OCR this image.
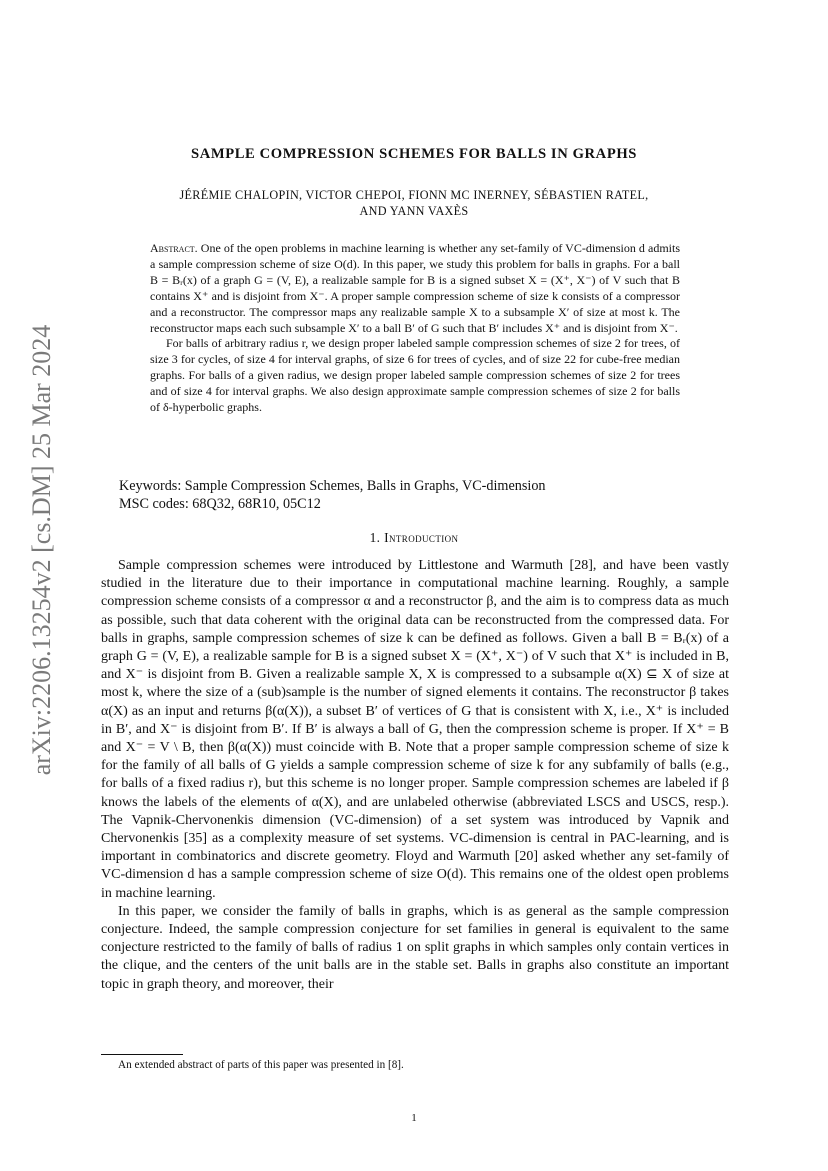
arXiv:2206.13254v2 [cs.DM] 25 Mar 2024
SAMPLE COMPRESSION SCHEMES FOR BALLS IN GRAPHS
JÉRÉMIE CHALOPIN, VICTOR CHEPOI, FIONN MC INERNEY, SÉBASTIEN RATEL,
AND YANN VAXÈS

Abstract. One of the open problems in machine learning is whether any set-family of VC-dimension d admits a sample compression scheme of size O(d). In this paper, we study this problem for balls in graphs. For a ball B = Bᵣ(x) of a graph G = (V, E), a realizable sample for B is a signed subset X = (X⁺, X⁻) of V such that B contains X⁺ and is disjoint from X⁻. A proper sample compression scheme of size k consists of a compressor and a reconstructor. The compressor maps any realizable sample X to a subsample X′ of size at most k. The reconstructor maps each such subsample X′ to a ball B′ of G such that B′ includes X⁺ and is disjoint from X⁻.

For balls of arbitrary radius r, we design proper labeled sample compression schemes of size 2 for trees, of size 3 for cycles, of size 4 for interval graphs, of size 6 for trees of cycles, and of size 22 for cube-free median graphs. For balls of a given radius, we design proper labeled sample compression schemes of size 2 for trees and of size 4 for interval graphs. We also design approximate sample compression schemes of size 2 for balls of δ-hyperbolic graphs.

Keywords: Sample Compression Schemes, Balls in Graphs, VC-dimension
MSC codes: 68Q32, 68R10, 05C12
1. Introduction

Sample compression schemes were introduced by Littlestone and Warmuth [28], and have been vastly studied in the literature due to their importance in computational machine learning. Roughly, a sample compression scheme consists of a compressor α and a reconstructor β, and the aim is to compress data as much as possible, such that data coherent with the original data can be reconstructed from the compressed data. For balls in graphs, sample compression schemes of size k can be defined as follows. Given a ball B = Bᵣ(x) of a graph G = (V, E), a realizable sample for B is a signed subset X = (X⁺, X⁻) of V such that X⁺ is included in B, and X⁻ is disjoint from B. Given a realizable sample X, X is compressed to a subsample α(X) ⊆ X of size at most k, where the size of a (sub)sample is the number of signed elements it contains. The reconstructor β takes α(X) as an input and returns β(α(X)), a subset B′ of vertices of G that is consistent with X, i.e., X⁺ is included in B′, and X⁻ is disjoint from B′. If B′ is always a ball of G, then the compression scheme is proper. If X⁺ = B and X⁻ = V \ B, then β(α(X)) must coincide with B. Note that a proper sample compression scheme of size k for the family of all balls of G yields a sample compression scheme of size k for any subfamily of balls (e.g., for balls of a fixed radius r), but this scheme is no longer proper. Sample compression schemes are labeled if β knows the labels of the elements of α(X), and are unlabeled otherwise (abbreviated LSCS and USCS, resp.). The Vapnik-Chervonenkis dimension (VC-dimension) of a set system was introduced by Vapnik and Chervonenkis [35] as a complexity measure of set systems. VC-dimension is central in PAC-learning, and is important in combinatorics and discrete geometry. Floyd and Warmuth [20] asked whether any set-family of VC-dimension d has a sample compression scheme of size O(d). This remains one of the oldest open problems in machine learning.

In this paper, we consider the family of balls in graphs, which is as general as the sample compression conjecture. Indeed, the sample compression conjecture for set families in general is equivalent to the same conjecture restricted to the family of balls of radius 1 on split graphs in which samples only contain vertices in the clique, and the centers of the unit balls are in the stable set. Balls in graphs also constitute an important topic in graph theory, and moreover, their

An extended abstract of parts of this paper was presented in [8].
1
